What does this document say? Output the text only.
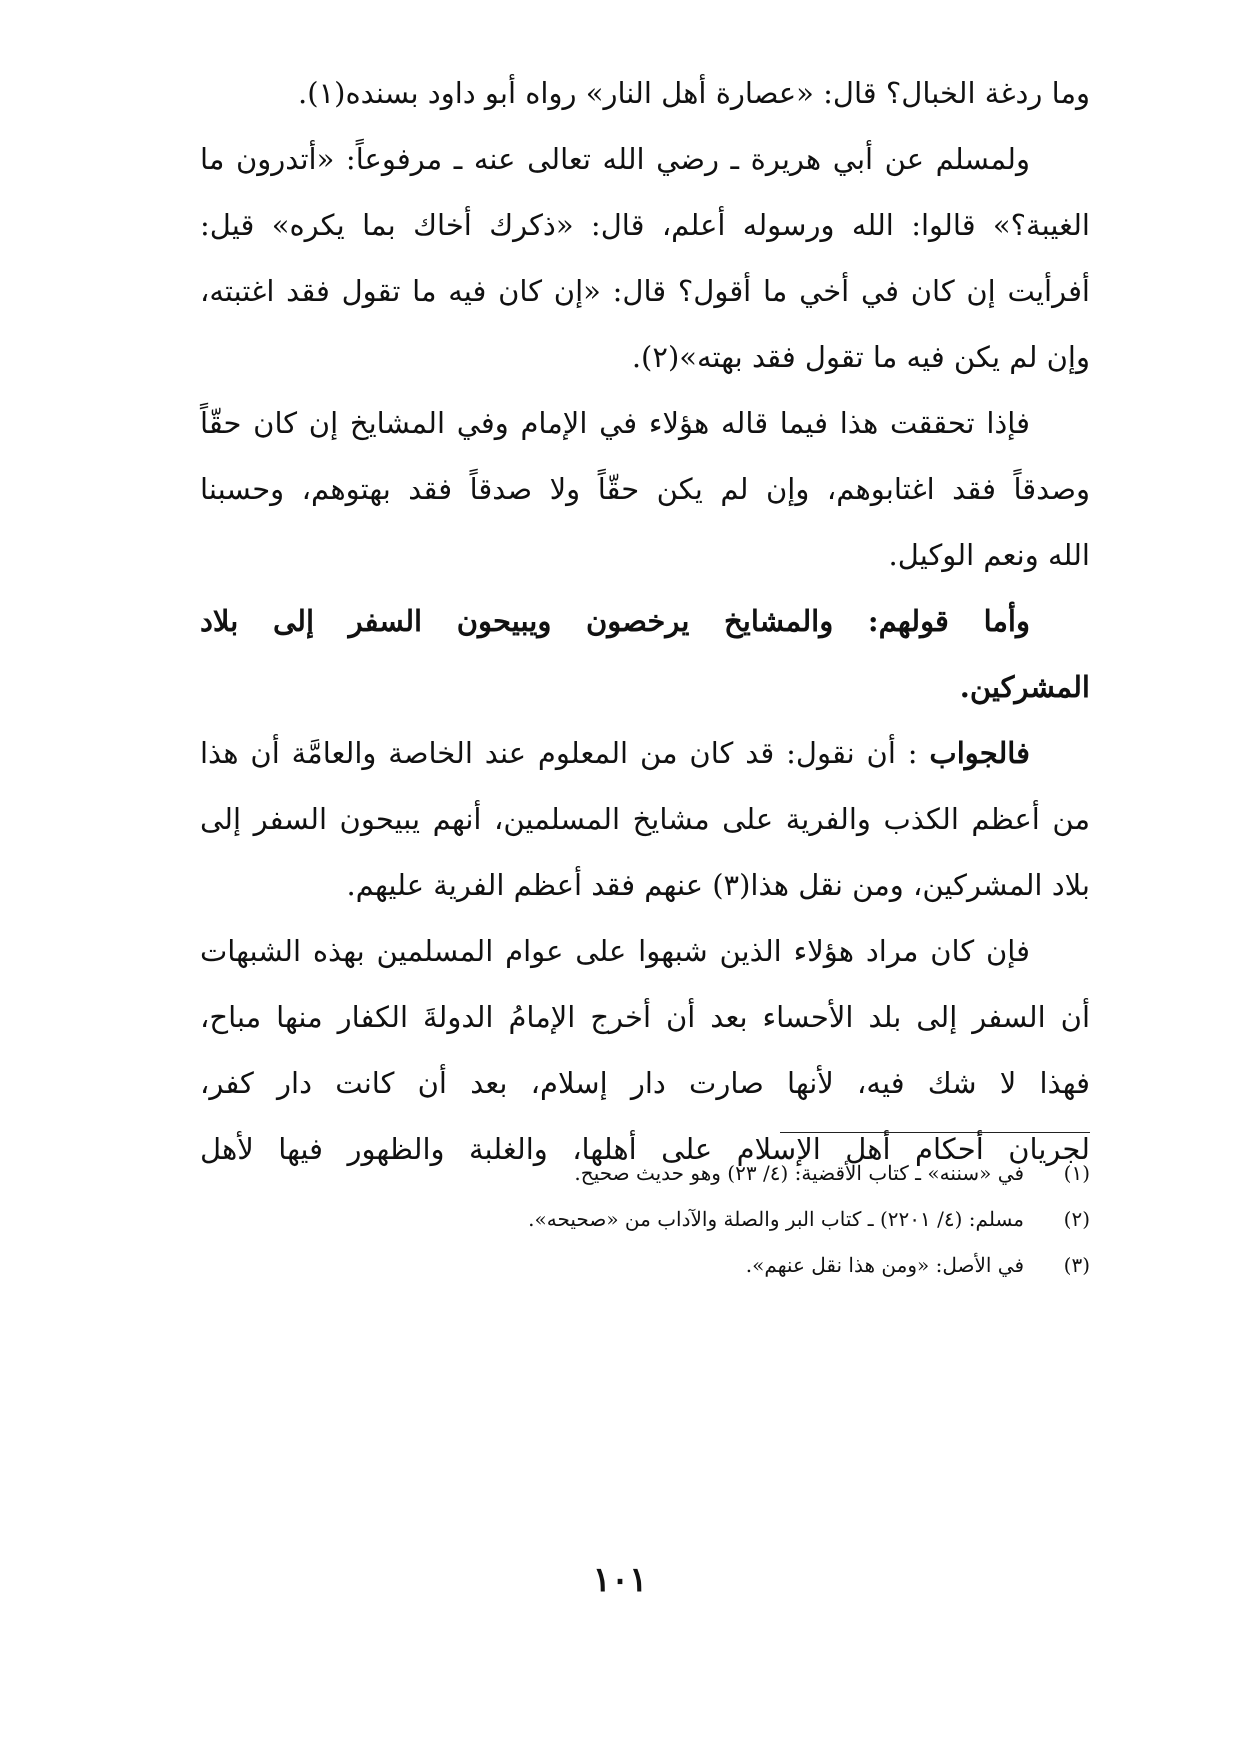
وما ردغة الخبال؟ قال: «عصارة أهل النار» رواه أبو داود بسنده(١).
ولمسلم عن أبي هريرة ـ رضي الله تعالى عنه ـ مرفوعاً: «أتدرون ما
الغيبة؟» قالوا: الله ورسوله أعلم، قال: «ذكرك أخاك بما يكره» قيل:
أفرأيت إن كان في أخي ما أقول؟ قال: «إن كان فيه ما تقول فقد اغتبته،
وإن لم يكن فيه ما تقول فقد بهته»(٢).
فإذا تحققت هذا فيما قاله هؤلاء في الإمام وفي المشايخ إن كان حقّاً
وصدقاً فقد اغتابوهم، وإن لم يكن حقّاً ولا صدقاً فقد بهتوهم، وحسبنا
الله ونعم الوكيل.
وأما قولهم: والمشايخ يرخصون ويبيحون السفر إلى بلاد
المشركين.
فالجواب : أن نقول: قد كان من المعلوم عند الخاصة والعامَّة أن هذا
من أعظم الكذب والفرية على مشايخ المسلمين، أنهم يبيحون السفر إلى
بلاد المشركين، ومن نقل هذا(٣) عنهم فقد أعظم الفرية عليهم.
فإن كان مراد هؤلاء الذين شبهوا على عوام المسلمين بهذه الشبهات
أن السفر إلى بلد الأحساء بعد أن أخرج الإمامُ الدولةَ الكفار منها مباح،
فهذا لا شك فيه، لأنها صارت دار إسلام، بعد أن كانت دار كفر،
لجريان أحكام أهل الإسلام على أهلها، والغلبة والظهور فيها لأهل
(١)في «سننه» ـ كتاب الأقضية: (٤/ ٢٣) وهو حديث صحيح.
(٢)مسلم: (٤/ ٢٢٠١) ـ كتاب البر والصلة والآداب من «صحيحه».
(٣)في الأصل: «ومن هذا نقل عنهم».
١٠١
